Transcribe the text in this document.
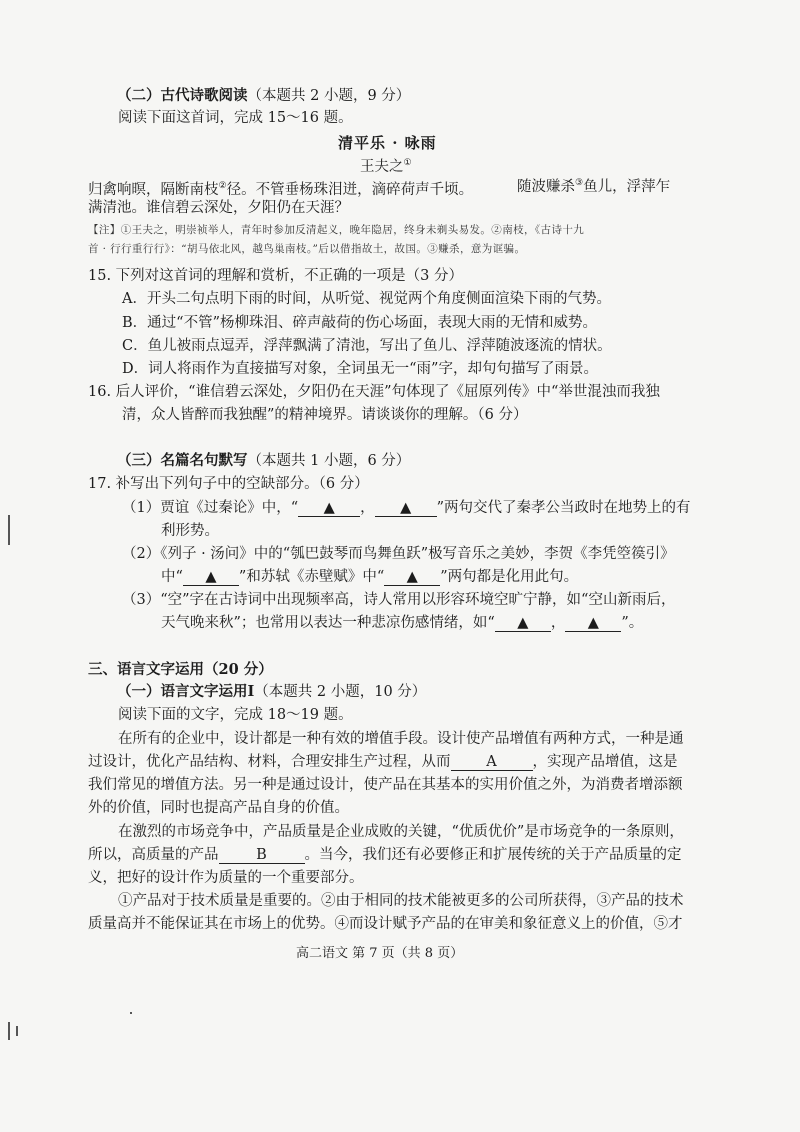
（二）古代诗歌阅读（本题共 2 小题，9 分）
阅读下面这首词，完成 15～16 题。
清平乐 · 咏雨
王夫之①
归禽响暝，隔断南枝②径。不管垂杨珠泪迸，滴碎荷声千顷。	随波赚杀③鱼儿，浮萍乍
满清池。谁信碧云深处，夕阳仍在天涯？
【注】①王夫之，明崇祯举人，青年时参加反清起义，晚年隐居，终身未剃头易发。②南枝，《古诗十九
首 · 行行重行行》：“胡马依北风，越鸟巢南枝。”后以借指故土，故国。③赚杀，意为诓骗。
15. 下列对这首词的理解和赏析，不正确的一项是（3 分）
A．开头二句点明下雨的时间，从听觉、视觉两个角度侧面渲染下雨的气势。
B．通过“不管”杨柳珠泪、碎声敲荷的伤心场面，表现大雨的无情和威势。
C．鱼儿被雨点逗弄，浮萍飘满了清池，写出了鱼儿、浮萍随波逐流的情状。
D．词人将雨作为直接描写对象，全词虽无一“雨”字，却句句描写了雨景。
16. 后人评价，“谁信碧云深处，夕阳仍在天涯”句体现了《屈原列传》中“举世混浊而我独
清，众人皆醉而我独醒”的精神境界。请谈谈你的理解。（6 分）
（三）名篇名句默写（本题共 1 小题，6 分）
17. 补写出下列句子中的空缺部分。（6 分）
（1）贾谊《过秦论》中，“ ▲ ， ▲ ”两句交代了秦孝公当政时在地势上的有
利形势。
（2）《列子 · 汤问》中的“瓠巴鼓琴而鸟舞鱼跃”极写音乐之美妙，李贺《李凭箜篌引》
中“ ▲ ”和苏轼《赤壁赋》中“ ▲ ”两句都是化用此句。
（3）“空”字在古诗词中出现频率高，诗人常用以形容环境空旷宁静，如“空山新雨后，
天气晚来秋”；也常用以表达一种悲凉伤感情绪，如“ ▲ ， ▲ ”。
三、语言文字运用（20 分）
（一）语言文字运用Ⅰ（本题共 2 小题，10 分）
阅读下面的文字，完成 18～19 题。
在所有的企业中，设计都是一种有效的增值手段。设计使产品增值有两种方式，一种是通
过设计，优化产品结构、材料，合理安排生产过程，从而 A ，实现产品增值，这是
我们常见的增值方法。另一种是通过设计，使产品在其基本的实用价值之外，为消费者增添额
外的价值，同时也提高产品自身的价值。
在激烈的市场竞争中，产品质量是企业成败的关键，“优质优价”是市场竞争的一条原则，
所以，高质量的产品	B	。当今，我们还有必要修正和扩展传统的关于产品质量的定
义，把好的设计作为质量的一个重要部分。
①产品对于技术质量是重要的。②由于相同的技术能被更多的公司所获得，③产品的技术
质量高并不能保证其在市场上的优势。④而设计赋予产品的在审美和象征意义上的价值，⑤才
高二语文 第 7 页（共 8 页）
